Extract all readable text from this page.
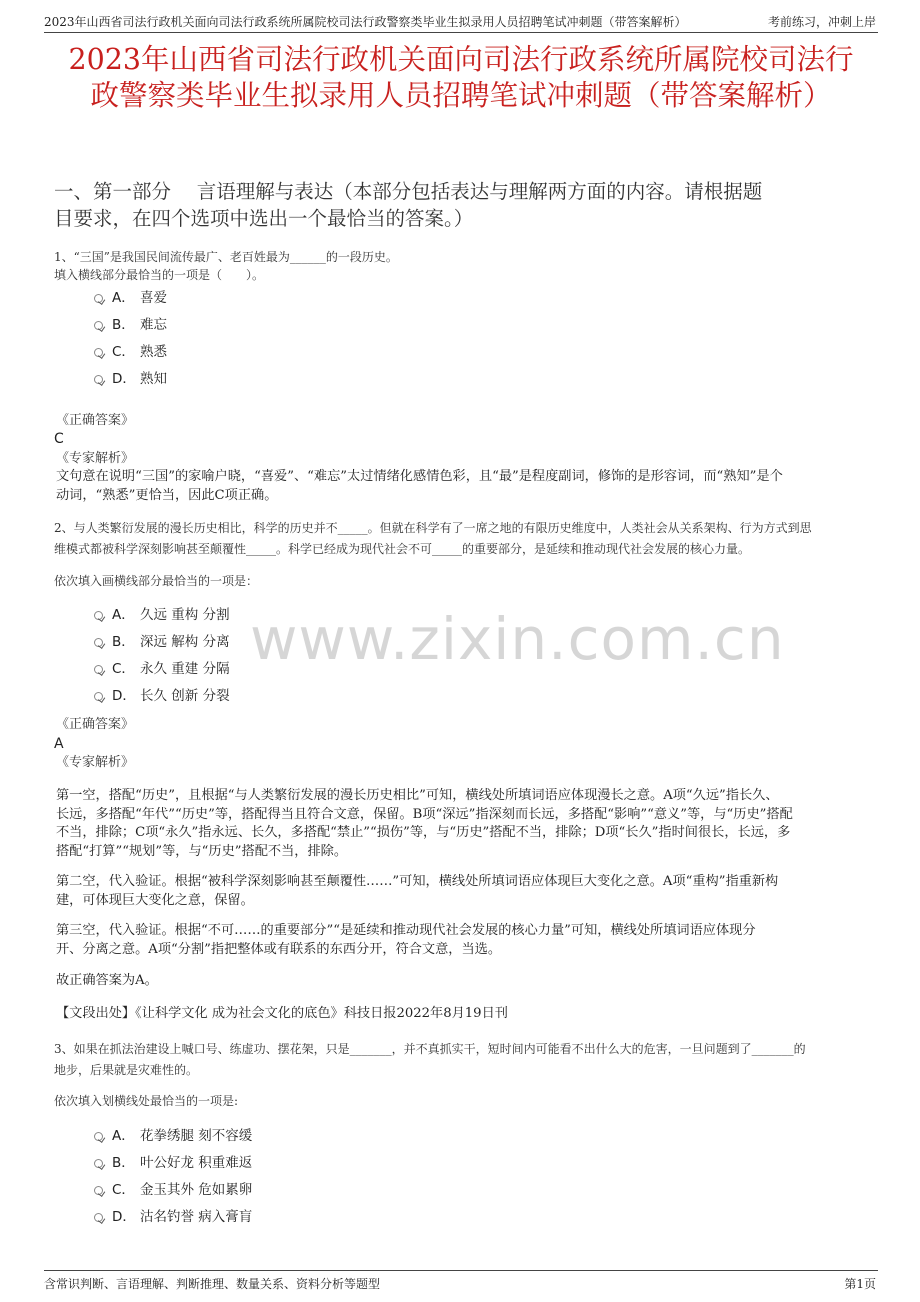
2023年山西省司法行政机关面向司法行政系统所属院校司法行政警察类毕业生拟录用人员招聘笔试冲刺题（带答案解析）	考前练习，冲刺上岸
2023年山西省司法行政机关面向司法行政系统所属院校司法行
政警察类毕业生拟录用人员招聘笔试冲刺题（带答案解析）
一、第一部分　 言语理解与表达（本部分包括表达与理解两方面的内容。请根据题
目要求，在四个选项中选出一个最恰当的答案。）
www.zixin.com.cn
1、“三国”是我国民间流传最广、老百姓最为______的一段历史。
填入横线部分最恰当的一项是（　　）。
A． 喜爱
B． 难忘
C． 熟悉
D． 熟知
《正确答案》
C
《专家解析》
文句意在说明“三国”的家喻户晓，“喜爱”、“难忘”太过情绪化感情色彩，且“最”是程度副词，修饰的是形容词，而“熟知”是个
动词，“熟悉”更恰当，因此C项正确。
2、与人类繁衍发展的漫长历史相比，科学的历史并不_____。但就在科学有了一席之地的有限历史维度中，人类社会从关系架构、行为方式到思
维模式都被科学深刻影响甚至颠覆性_____。科学已经成为现代社会不可_____的重要部分，是延续和推动现代社会发展的核心力量。
依次填入画横线部分最恰当的一项是：
A． 久远 重构 分割
B． 深远 解构 分离
C． 永久 重建 分隔
D． 长久 创新 分裂
《正确答案》
A
《专家解析》
第一空，搭配“历史”，且根据“与人类繁衍发展的漫长历史相比”可知，横线处所填词语应体现漫长之意。A项“久远”指长久、
长远，多搭配“年代”“历史”等，搭配得当且符合文意，保留。B项“深远”指深刻而长远，多搭配“影响”“意义”等，与“历史”搭配
不当，排除；C项“永久”指永远、长久，多搭配“禁止”“损伤”等，与“历史”搭配不当，排除；D项“长久”指时间很长，长远，多
搭配“打算”“规划”等，与“历史”搭配不当，排除。
第二空，代入验证。根据“被科学深刻影响甚至颠覆性……”可知，横线处所填词语应体现巨大变化之意。A项“重构”指重新构
建，可体现巨大变化之意，保留。
第三空，代入验证。根据“不可……的重要部分”“是延续和推动现代社会发展的核心力量”可知，横线处所填词语应体现分
开、分离之意。A项“分割”指把整体或有联系的东西分开，符合文意，当选。
故正确答案为A。
【文段出处】《让科学文化 成为社会文化的底色》科技日报2022年8月19日刊
3、如果在抓法治建设上喊口号、练虚功、摆花架，只是_______，并不真抓实干，短时间内可能看不出什么大的危害，一旦问题到了_______的
地步，后果就是灾难性的。
依次填入划横线处最恰当的一项是:
A． 花拳绣腿 刻不容缓
B． 叶公好龙 积重难返
C． 金玉其外 危如累卵
D． 沽名钓誉 病入膏肓
含常识判断、言语理解、判断推理、数量关系、资料分析等题型	第1页
